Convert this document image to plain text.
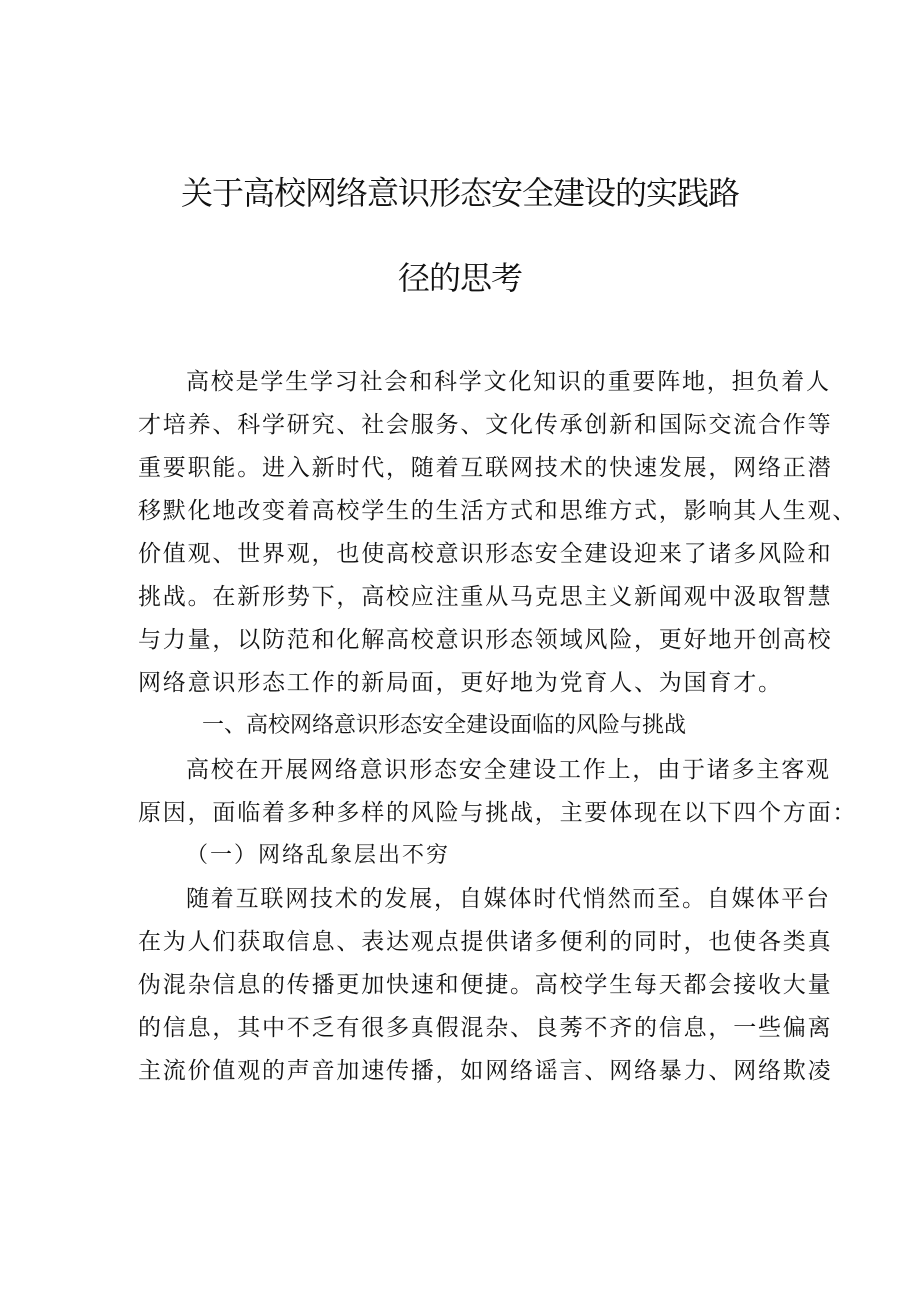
关于高校网络意识形态安全建设的实践路
径的思考
高校是学生学习社会和科学文化知识的重要阵地，担负着人
才培养、科学研究、社会服务、文化传承创新和国际交流合作等
重要职能。进入新时代，随着互联网技术的快速发展，网络正潜
移默化地改变着高校学生的生活方式和思维方式，影响其人生观、
价值观、世界观，也使高校意识形态安全建设迎来了诸多风险和
挑战。在新形势下，高校应注重从马克思主义新闻观中汲取智慧
与力量，以防范和化解高校意识形态领域风险，更好地开创高校
网络意识形态工作的新局面，更好地为党育人、为国育才。
一、高校网络意识形态安全建设面临的风险与挑战
高校在开展网络意识形态安全建设工作上，由于诸多主客观
原因，面临着多种多样的风险与挑战，主要体现在以下四个方面：
（一）网络乱象层出不穷
随着互联网技术的发展，自媒体时代悄然而至。自媒体平台
在为人们获取信息、表达观点提供诸多便利的同时，也使各类真
伪混杂信息的传播更加快速和便捷。高校学生每天都会接收大量
的信息，其中不乏有很多真假混杂、良莠不齐的信息，一些偏离
主流价值观的声音加速传播，如网络谣言、网络暴力、网络欺凌
